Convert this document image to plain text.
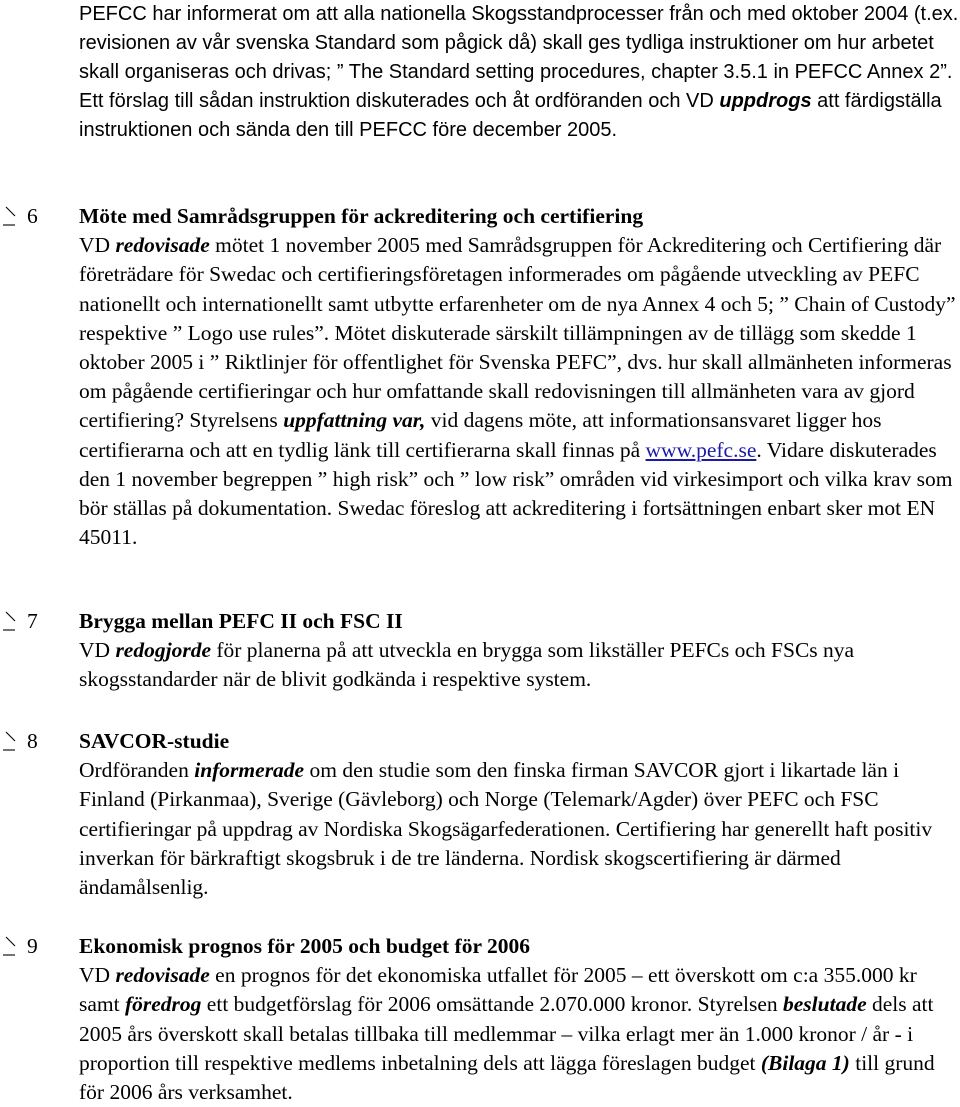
PEFCC har informerat om att alla nationella Skogsstandprocesser från och med oktober 2004 (t.ex. revisionen av vår svenska Standard som pågick då) skall ges tydliga instruktioner om hur arbetet skall organiseras och drivas; ” The Standard setting procedures, chapter 3.5.1 in PEFCC Annex 2”. Ett förslag till sådan instruktion diskuterades och åt ordföranden och VD uppdrogs att färdigställa instruktionen och sända den till PEFCC före december 2005.

6 Möte med Samrådsgruppen för ackreditering och certifiering

VD redovisade mötet 1 november 2005 med Samrådsgruppen för Ackreditering och Certifiering där företrädare för Swedac och certifieringsföretagen informerades om pågående utveckling av PEFC nationellt och internationellt samt utbytte erfarenheter om de nya Annex 4 och 5; ” Chain of Custody” respektive ” Logo use rules”. Mötet diskuterade särskilt tillämpningen av de tillägg som skedde 1 oktober 2005 i ” Riktlinjer för offentlighet för Svenska PEFC”, dvs. hur skall allmänheten informeras om pågående certifieringar och hur omfattande skall redovisningen till allmänheten vara av gjord certifiering? Styrelsens uppfattning var, vid dagens möte, att informationsansvaret ligger hos certifierarna och att en tydlig länk till certifierarna skall finnas på www.pefc.se. Vidare diskuterades den 1 november begreppen ” high risk” och ” low risk” områden vid virkesimport och vilka krav som bör ställas på dokumentation. Swedac föreslog att ackreditering i fortsättningen enbart sker mot EN 45011.

7 Brygga mellan PEFC II och FSC II

VD redogjorde för planerna på att utveckla en brygga som likställer PEFCs och FSCs nya skogsstandarder när de blivit godkända i respektive system.

8 SAVCOR-studie

Ordföranden informerade om den studie som den finska firman SAVCOR gjort i likartade län i Finland (Pirkanmaa), Sverige (Gävleborg) och Norge (Telemark/Agder) över PEFC och FSC certifieringar på uppdrag av Nordiska Skogsägarfederationen. Certifiering har generellt haft positiv inverkan för bärkraftigt skogsbruk i de tre länderna. Nordisk skogscertifiering är därmed ändamålsenlig.

9 Ekonomisk prognos för 2005 och budget för 2006

VD redovisade en prognos för det ekonomiska utfallet för 2005 – ett överskott om c:a 355.000 kr samt föredrog ett budgetförslag för 2006 omsättande 2.070.000 kronor. Styrelsen beslutade dels att 2005 års överskott skall betalas tillbaka till medlemmar – vilka erlagt mer än 1.000 kronor / år - i proportion till respektive medlems inbetalning dels att lägga föreslagen budget (Bilaga 1) till grund för 2006 års verksamhet.
